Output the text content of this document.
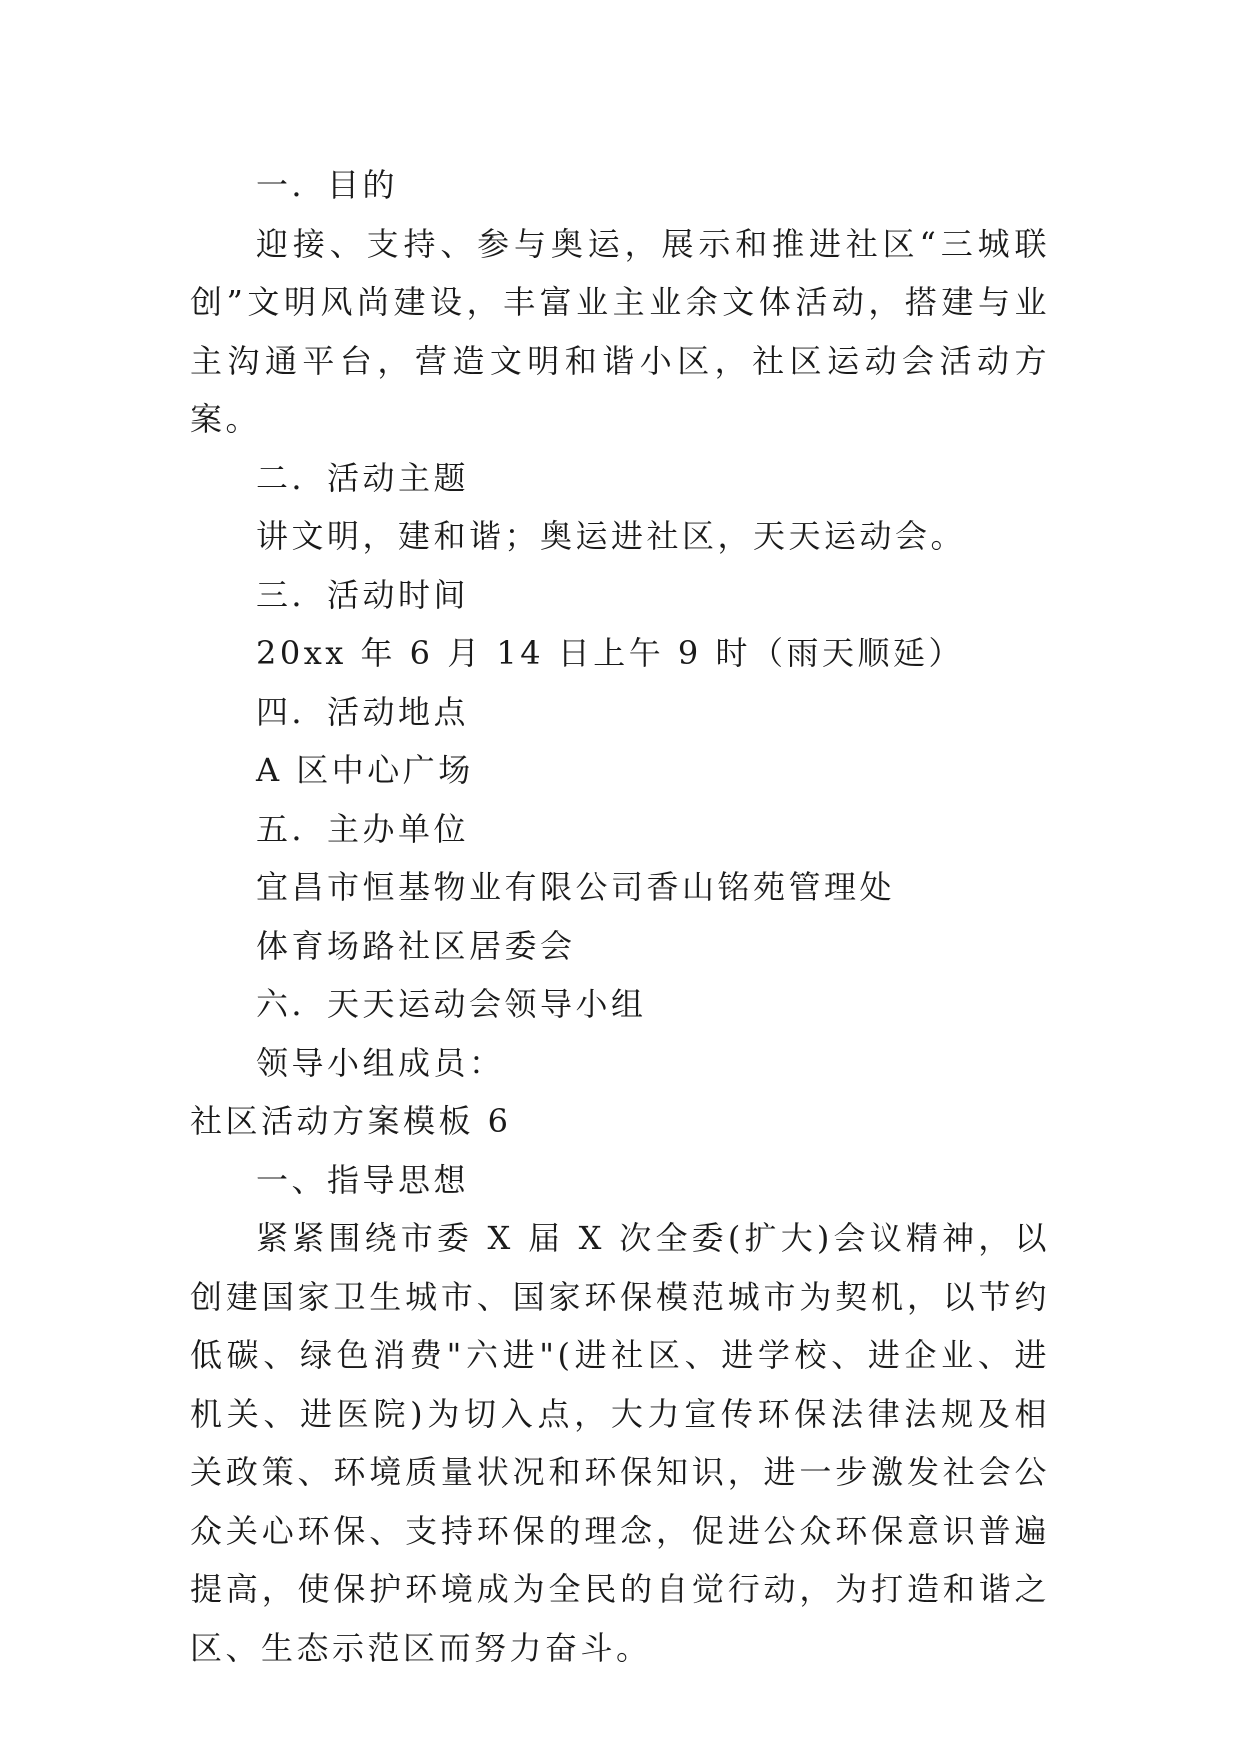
一．目的
迎接、支持、参与奥运，展示和推进社区“三城联创”文明风尚建设，丰富业主业余文体活动，搭建与业主沟通平台，营造文明和谐小区，社区运动会活动方案。
二．活动主题
讲文明，建和谐；奥运进社区，天天运动会。
三．活动时间
20xx 年 6 月 14 日上午 9 时（雨天顺延）
四．活动地点
A 区中心广场
五．主办单位
宜昌市恒基物业有限公司香山铭苑管理处
体育场路社区居委会
六．天天运动会领导小组
领导小组成员：
社区活动方案模板 6
一、指导思想
紧紧围绕市委 X 届 X 次全委(扩大)会议精神，以创建国家卫生城市、国家环保模范城市为契机，以节约低碳、绿色消费"六进"(进社区、进学校、进企业、进机关、进医院)为切入点，大力宣传环保法律法规及相关政策、环境质量状况和环保知识，进一步激发社会公众关心环保、支持环保的理念，促进公众环保意识普遍提高，使保护环境成为全民的自觉行动，为打造和谐之区、生态示范区而努力奋斗。
